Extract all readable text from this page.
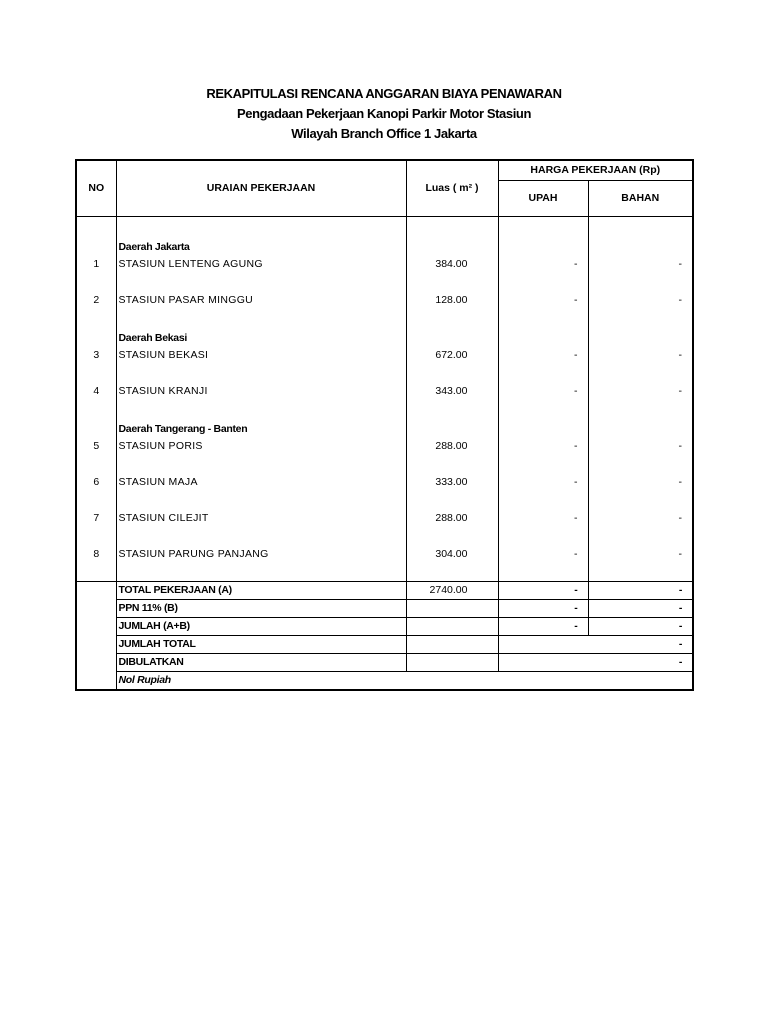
REKAPITULASI RENCANA ANGGARAN BIAYA PENAWARAN
Pengadaan Pekerjaan Kanopi Parkir Motor Stasiun
Wilayah Branch Office 1 Jakarta
NO	URAIAN PEKERJAAN	Luas ( m² )	HARGA PEKERJAAN (Rp)	
			UPAH	BAHAN

	Daerah Jakarta			
1	STASIUN LENTENG AGUNG	384.00	-	-

2	STASIUN PASAR MINGGU	128.00	-	-

	Daerah Bekasi			
3	STASIUN BEKASI	672.00	-	-

4	STASIUN KRANJI	343.00	-	-

	Daerah Tangerang - Banten			
5	STASIUN PORIS	288.00	-	-

6	STASIUN MAJA	333.00	-	-

7	STASIUN CILEJIT	288.00	-	-

8	STASIUN PARUNG PANJANG	304.00	-	-

	TOTAL PEKERJAAN (A)	2740.00	-	-
	PPN 11% (B)		-	-
	JUMLAH (A+B)		-	-
	JUMLAH TOTAL		-	
	DIBULATKAN		-	
	Nol Rupiah			
